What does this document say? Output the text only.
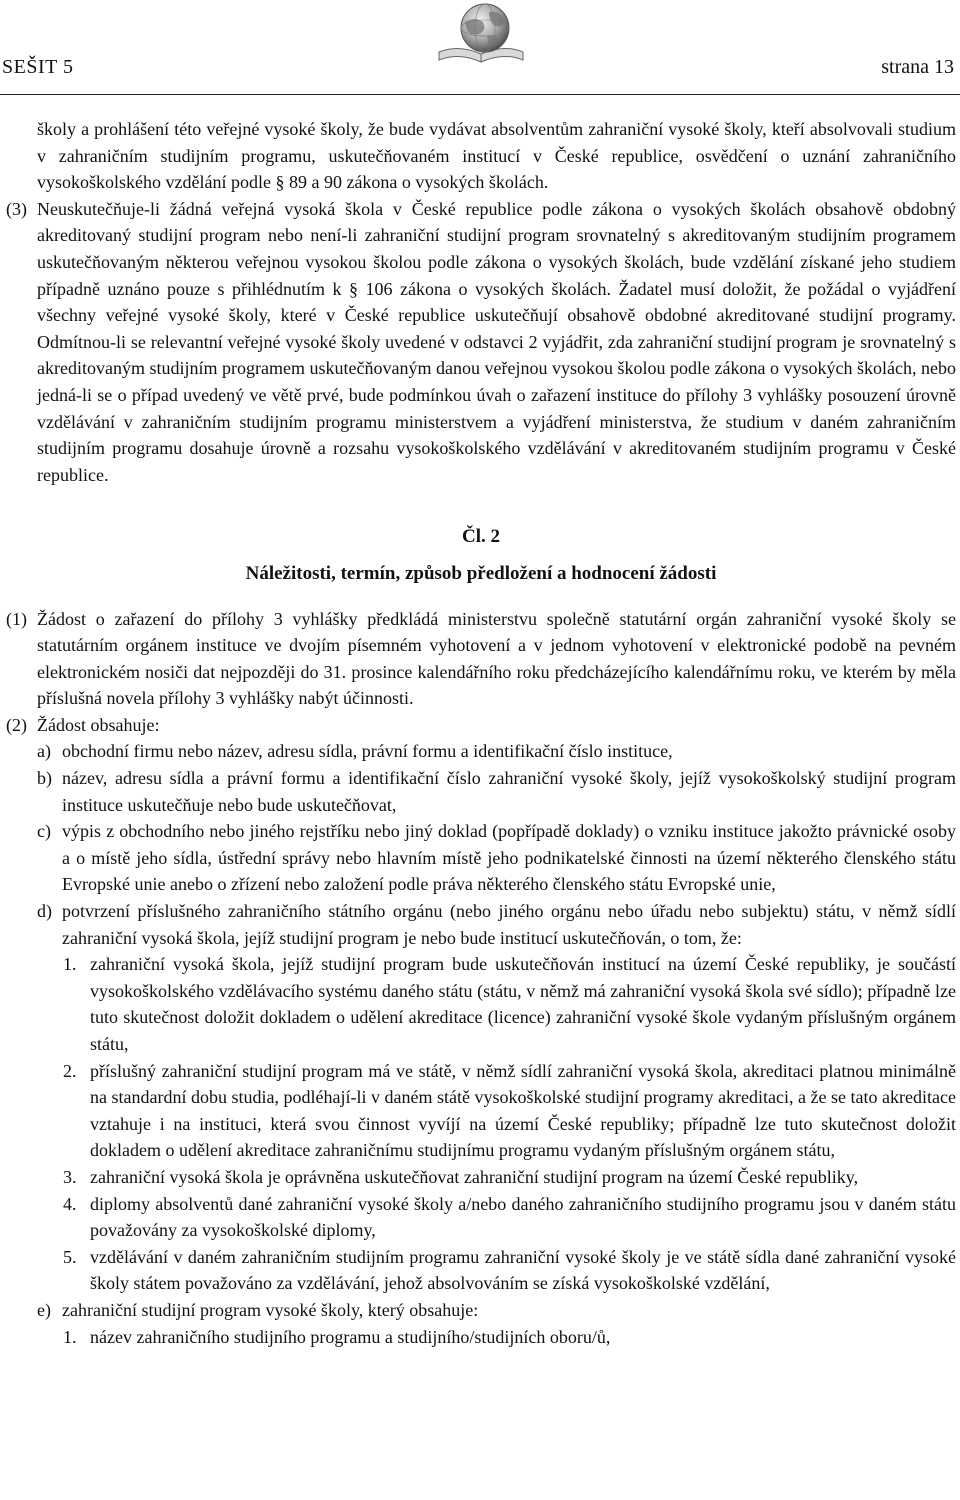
SEŠIT 5	strana 13

školy a prohlášení této veřejné vysoké školy, že bude vydávat absolventům zahraniční vysoké školy, kteří absolvovali studium v zahraničním studijním programu, uskutečňovaném institucí v České republice, osvědčení o uznání zahraničního vysokoškolského vzdělání podle § 89 a 90 zákona o vysokých školách.

(3) Neuskutečňuje-li žádná veřejná vysoká škola v České republice podle zákona o vysokých školách obsahově obdobný akreditovaný studijní program nebo není-li zahraniční studijní program srovnatelný s akreditovaným studijním programem uskutečňovaným některou veřejnou vysokou školou podle zákona o vysokých školách, bude vzdělání získané jeho studiem případně uznáno pouze s přihlédnutím k § 106 zákona o vysokých školách. Žadatel musí doložit, že požádal o vyjádření všechny veřejné vysoké školy, které v České republice uskutečňují obsahově obdobné akreditované studijní programy. Odmítnou-li se relevantní veřejné vysoké školy uvedené v odstavci 2 vyjádřit, zda zahraniční studijní program je srovnatelný s akreditovaným studijním programem uskutečňovaným danou veřejnou vysokou školou podle zákona o vysokých školách, nebo jedná-li se o případ uvedený ve větě prvé, bude podmínkou úvah o zařazení instituce do přílohy 3 vyhlášky posouzení úrovně vzdělávání v zahraničním studijním programu ministerstvem a vyjádření ministerstva, že studium v daném zahraničním studijním programu dosahuje úrovně a rozsahu vysokoškolského vzdělávání v akreditovaném studijním programu v České republice.

Čl. 2
Náležitosti, termín, způsob předložení a hodnocení žádosti

(1) Žádost o zařazení do přílohy 3 vyhlášky předkládá ministerstvu společně statutární orgán zahraniční vysoké školy se statutárním orgánem instituce ve dvojím písemném vyhotovení a v jednom vyhotovení v elektronické podobě na pevném elektronickém nosiči dat nejpozději do 31. prosince kalendářního roku předcházejícího kalendářnímu roku, ve kterém by měla příslušná novela přílohy 3 vyhlášky nabýt účinnosti.

(2) Žádost obsahuje:

a) obchodní firmu nebo název, adresu sídla, právní formu a identifikační číslo instituce,
b) název, adresu sídla a právní formu a identifikační číslo zahraniční vysoké školy, jejíž vysokoškolský studijní program instituce uskutečňuje nebo bude uskutečňovat,
c) výpis z obchodního nebo jiného rejstříku nebo jiný doklad (popřípadě doklady) o vzniku instituce jakožto právnické osoby a o místě jeho sídla, ústřední správy nebo hlavním místě jeho podnikatelské činnosti na území některého členského státu Evropské unie anebo o zřízení nebo založení podle práva některého členského státu Evropské unie,
d) potvrzení příslušného zahraničního státního orgánu (nebo jiného orgánu nebo úřadu nebo subjektu) státu, v němž sídlí zahraniční vysoká škola, jejíž studijní program je nebo bude institucí uskutečňován, o tom, že:
1. zahraniční vysoká škola, jejíž studijní program bude uskutečňován institucí na území České republiky, je součástí vysokoškolského vzdělávacího systému daného státu (státu, v němž má zahraniční vysoká škola své sídlo); případně lze tuto skutečnost doložit dokladem o udělení akreditace (licence) zahraniční vysoké škole vydaným příslušným orgánem státu,
2. příslušný zahraniční studijní program má ve státě, v němž sídlí zahraniční vysoká škola, akreditaci platnou minimálně na standardní dobu studia, podléhají-li v daném státě vysokoškolské studijní programy akreditaci, a že se tato akreditace vztahuje i na instituci, která svou činnost vyvíjí na území České republiky; případně lze tuto skutečnost doložit dokladem o udělení akreditace zahraničnímu studijnímu programu vydaným příslušným orgánem státu,
3. zahraniční vysoká škola je oprávněna uskutečňovat zahraniční studijní program na území České republiky,
4. diplomy absolventů dané zahraniční vysoké školy a/nebo daného zahraničního studijního programu jsou v daném státu považovány za vysokoškolské diplomy,
5. vzdělávání v daném zahraničním studijním programu zahraniční vysoké školy je ve státě sídla dané zahraniční vysoké školy státem považováno za vzdělávání, jehož absolvováním se získá vysokoškolské vzdělání,
e) zahraniční studijní program vysoké školy, který obsahuje:
1. název zahraničního studijního programu a studijního/studijních oboru/ů,
